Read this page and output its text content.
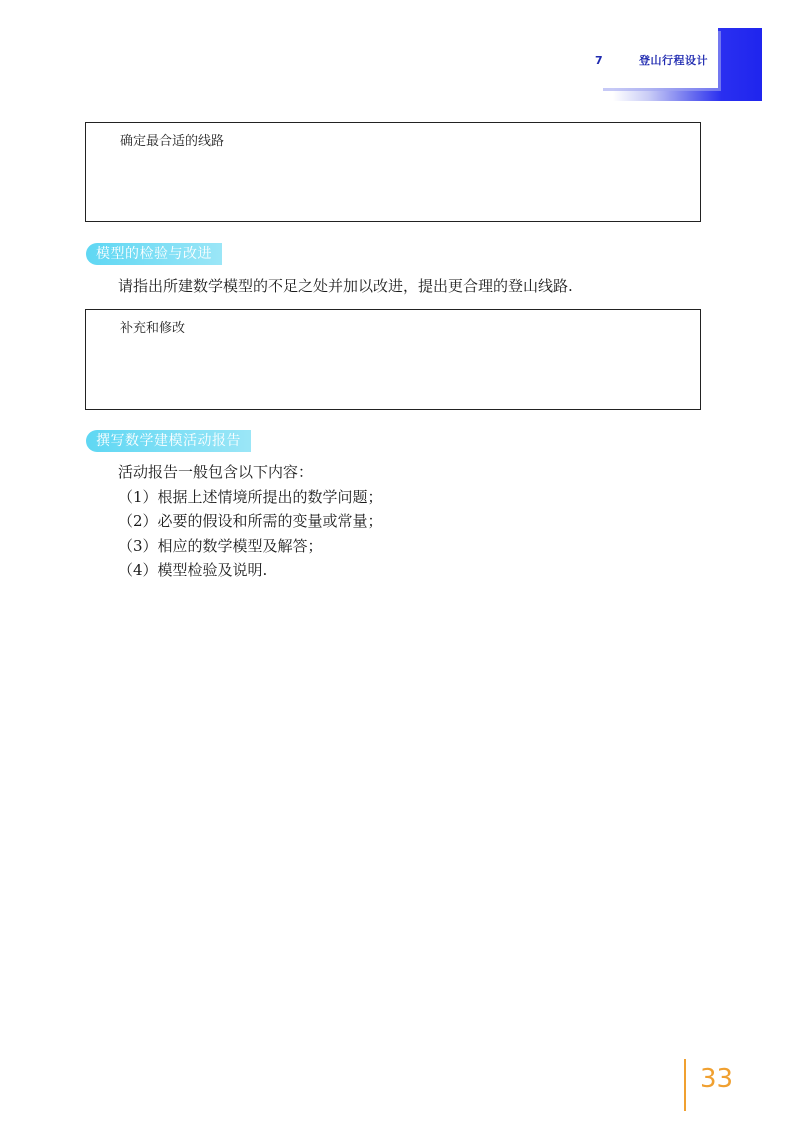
7	登山行程设计
确定最合适的线路
模型的检验与改进
请指出所建数学模型的不足之处并加以改进，提出更合理的登山线路.
补充和修改
撰写数学建模活动报告
活动报告一般包含以下内容：
（1）根据上述情境所提出的数学问题；
（2）必要的假设和所需的变量或常量；
（3）相应的数学模型及解答；
（4）模型检验及说明.
33
